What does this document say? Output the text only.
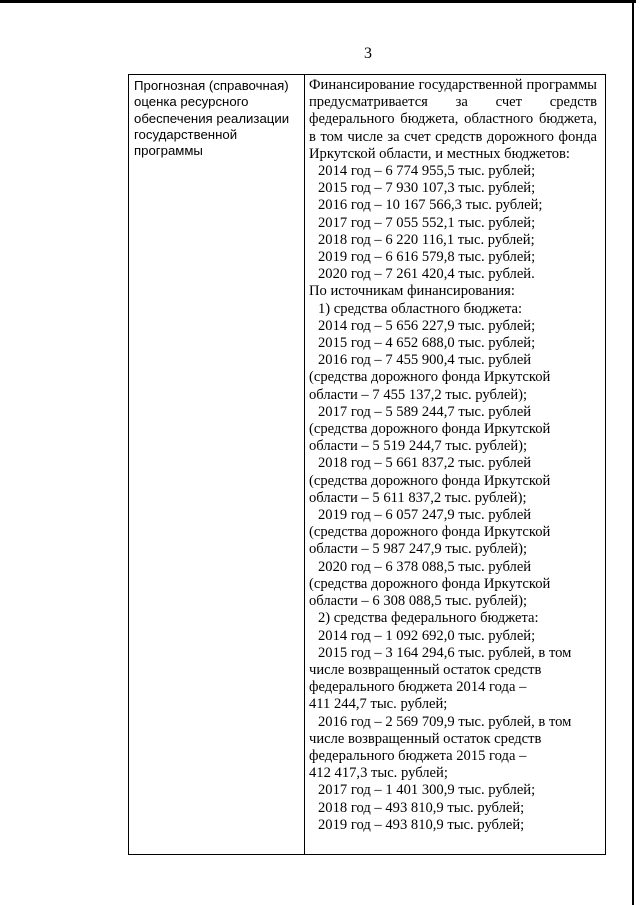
3
Прогнозная (справочная) оценка ресурсного обеспечения реализации государственной программы

Финансирование государственной программы предусматривается за счет средств федерального бюджета, областного бюджета, в том числе за счет средств дорожного фонда Иркутской области, и местных бюджетов:

2014 год – 6 774 955,5 тыс. рублей;

2015 год – 7 930 107,3 тыс. рублей;

2016 год – 10 167 566,3 тыс. рублей;

2017 год – 7 055 552,1 тыс. рублей;

2018 год – 6 220 116,1 тыс. рублей;

2019 год – 6 616 579,8 тыс. рублей;

2020 год – 7 261 420,4 тыс. рублей.

По источникам финансирования:

1) средства областного бюджета:

2014 год – 5 656 227,9 тыс. рублей;

2015 год – 4 652 688,0 тыс. рублей;

2016 год – 7 455 900,4 тыс. рублей

(средства дорожного фонда Иркутской

области – 7 455 137,2 тыс. рублей);

2017 год – 5 589 244,7 тыс. рублей

(средства дорожного фонда Иркутской

области – 5 519 244,7 тыс. рублей);

2018 год – 5 661 837,2 тыс. рублей

(средства дорожного фонда Иркутской

области – 5 611 837,2 тыс. рублей);

2019 год – 6 057 247,9 тыс. рублей

(средства дорожного фонда Иркутской

области – 5 987 247,9 тыс. рублей);

2020 год – 6 378 088,5 тыс. рублей

(средства дорожного фонда Иркутской

области – 6 308 088,5 тыс. рублей);

2) средства федерального бюджета:

2014 год – 1 092 692,0 тыс. рублей;

2015 год – 3 164 294,6 тыс. рублей, в том

числе возвращенный остаток средств

федерального бюджета 2014 года –

411 244,7 тыс. рублей;

2016 год – 2 569 709,9 тыс. рублей, в том

числе возвращенный остаток средств

федерального бюджета 2015 года –

412 417,3 тыс. рублей;

2017 год – 1 401 300,9 тыс. рублей;

2018 год – 493 810,9 тыс. рублей;

2019 год – 493 810,9 тыс. рублей;
